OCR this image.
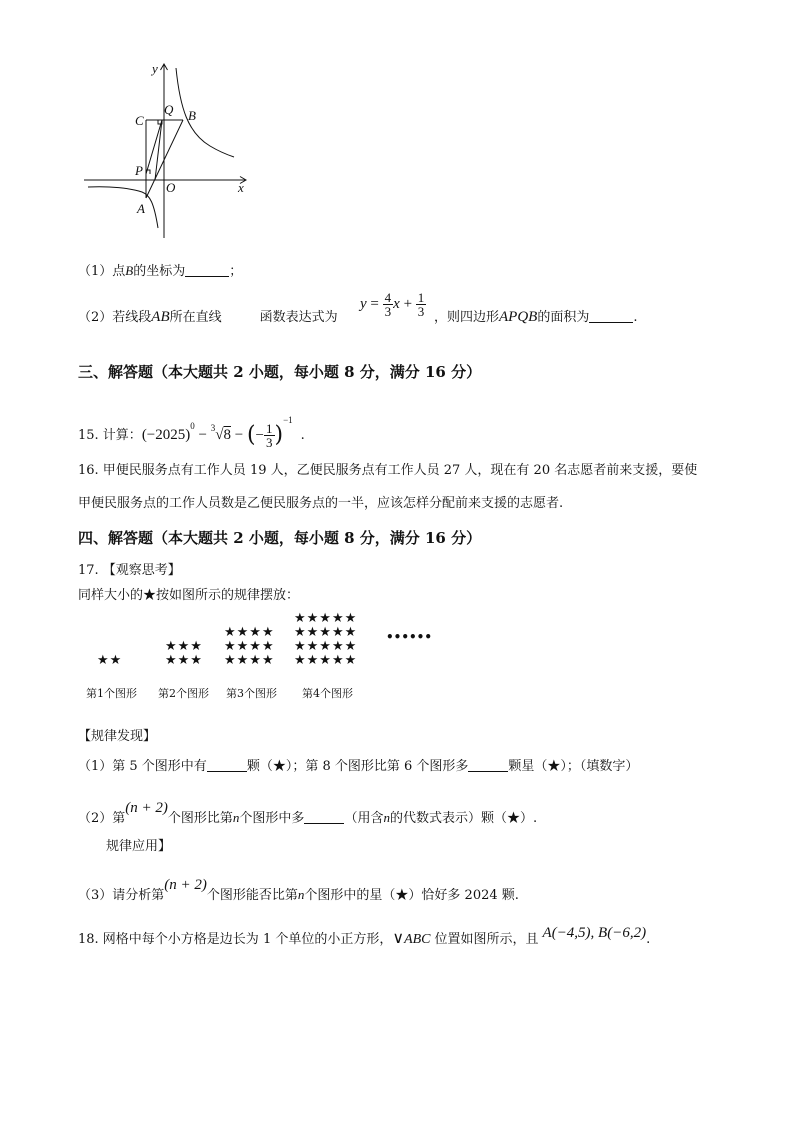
y
x
C
Q B
P
O
A
（1）点B的坐标为	；
（2）若线段AB所在直线	函数表达式为
$y = \frac{4}{3}$ $x + \frac{1}{3}$ ，则四边形APQB的面积为	.
三、解答题（本大题共 2 小题，每小题 8 分，满分 16 分）
15. 计算：$(-2025)^0 - ^3√8$ − (− $\frac{1}{3} )^{-1}$.
16. 甲便民服务点有工作人员 19 人，乙便民服务点有工作人员 27 人，现在有 20 名志愿者前来支援，要使
甲便民服务点的工作人员数是乙便民服务点的一半，应该怎样分配前来支援的志愿者.
四、解答题（本大题共 2 小题，每小题 8 分，满分 16 分）
17. 【观察思考】
同样大小的★按如图所示的规律摆放：
★★
★★★
★★★
★★★★
★★★★
★★★★
★★★★★
★★★★★
★★★★★
★★★★★
••••••
第1个图形 第2个图形 第3个图形 第4个图形
【规律发现】
（1）第 5 个图形中有	颗（★）；第 8 个图形比第 6 个图形多	颗星（★）；（填数字）
（2）第(n + 2)个图形比第n个图形中多	（用含n的代数式表示）颗（★）.
规律应用】
（3）请分析第(n + 2)个图形能否比第n个图形中的星（★）恰好多 2024 颗.
18. 网格中每个小方格是边长为 1 个单位的小正方形，∨ABC 位置如图所示，且 A(−4,5), B(−6,2).
